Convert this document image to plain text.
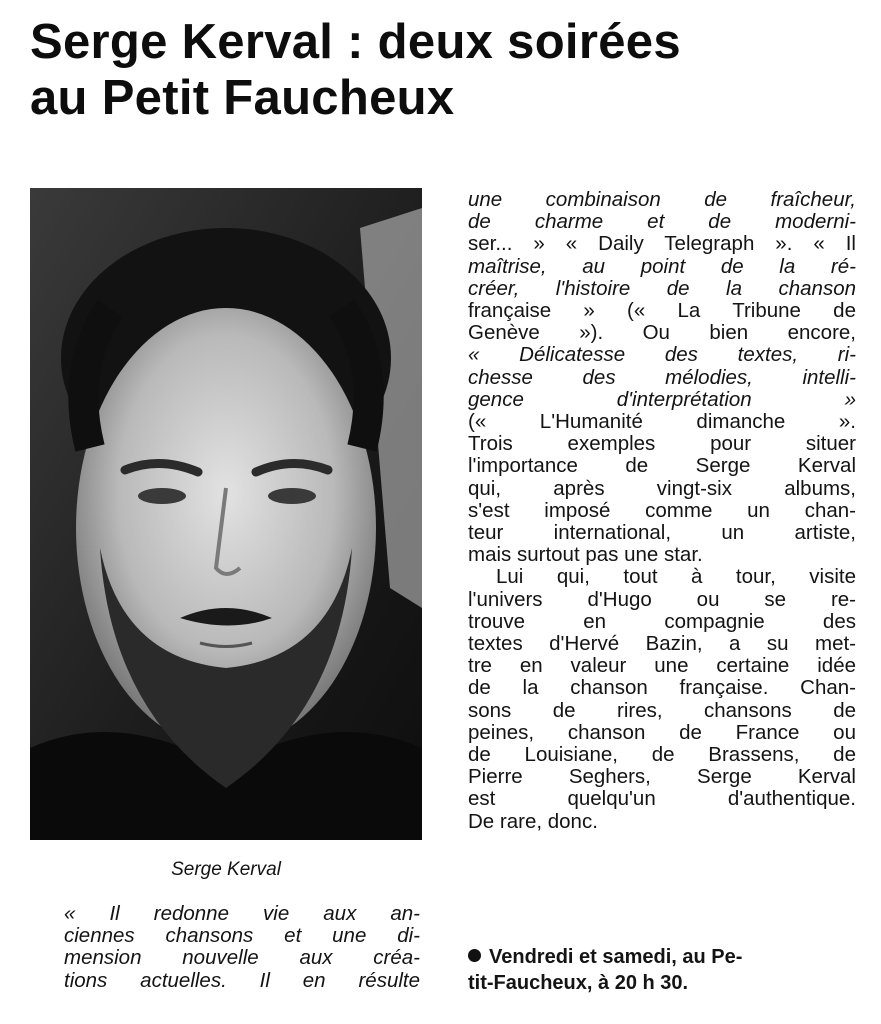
Serge Kerval : deux soirées
au Petit Faucheux
Serge Kerval
« Il redonne vie aux an-
ciennes chansons et une di-
mension nouvelle aux créa-
tions actuelles. Il en résulte
une combinaison de fraîcheur,
de charme et de moderni-
ser... » « Daily Telegraph ». « Il
maîtrise, au point de la ré-
créer, l'histoire de la chanson
française » (« La Tribune de
Genève »). Ou bien encore,
« Délicatesse des textes, ri-
chesse des mélodies, intelli-
gence d'interprétation »
(« L'Humanité dimanche ».
Trois exemples pour situer
l'importance de Serge Kerval
qui, après vingt-six albums,
s'est imposé comme un chan-
teur international, un artiste,
mais surtout pas une star.
Lui qui, tout à tour, visite
l'univers d'Hugo ou se re-
trouve en compagnie des
textes d'Hervé Bazin, a su met-
tre en valeur une certaine idée
de la chanson française. Chan-
sons de rires, chansons de
peines, chanson de France ou
de Louisiane, de Brassens, de
Pierre Seghers, Serge Kerval
est quelqu'un d'authentique.
De rare, donc.
Vendredi et samedi, au Pe-
tit-Faucheux, à 20 h 30.
